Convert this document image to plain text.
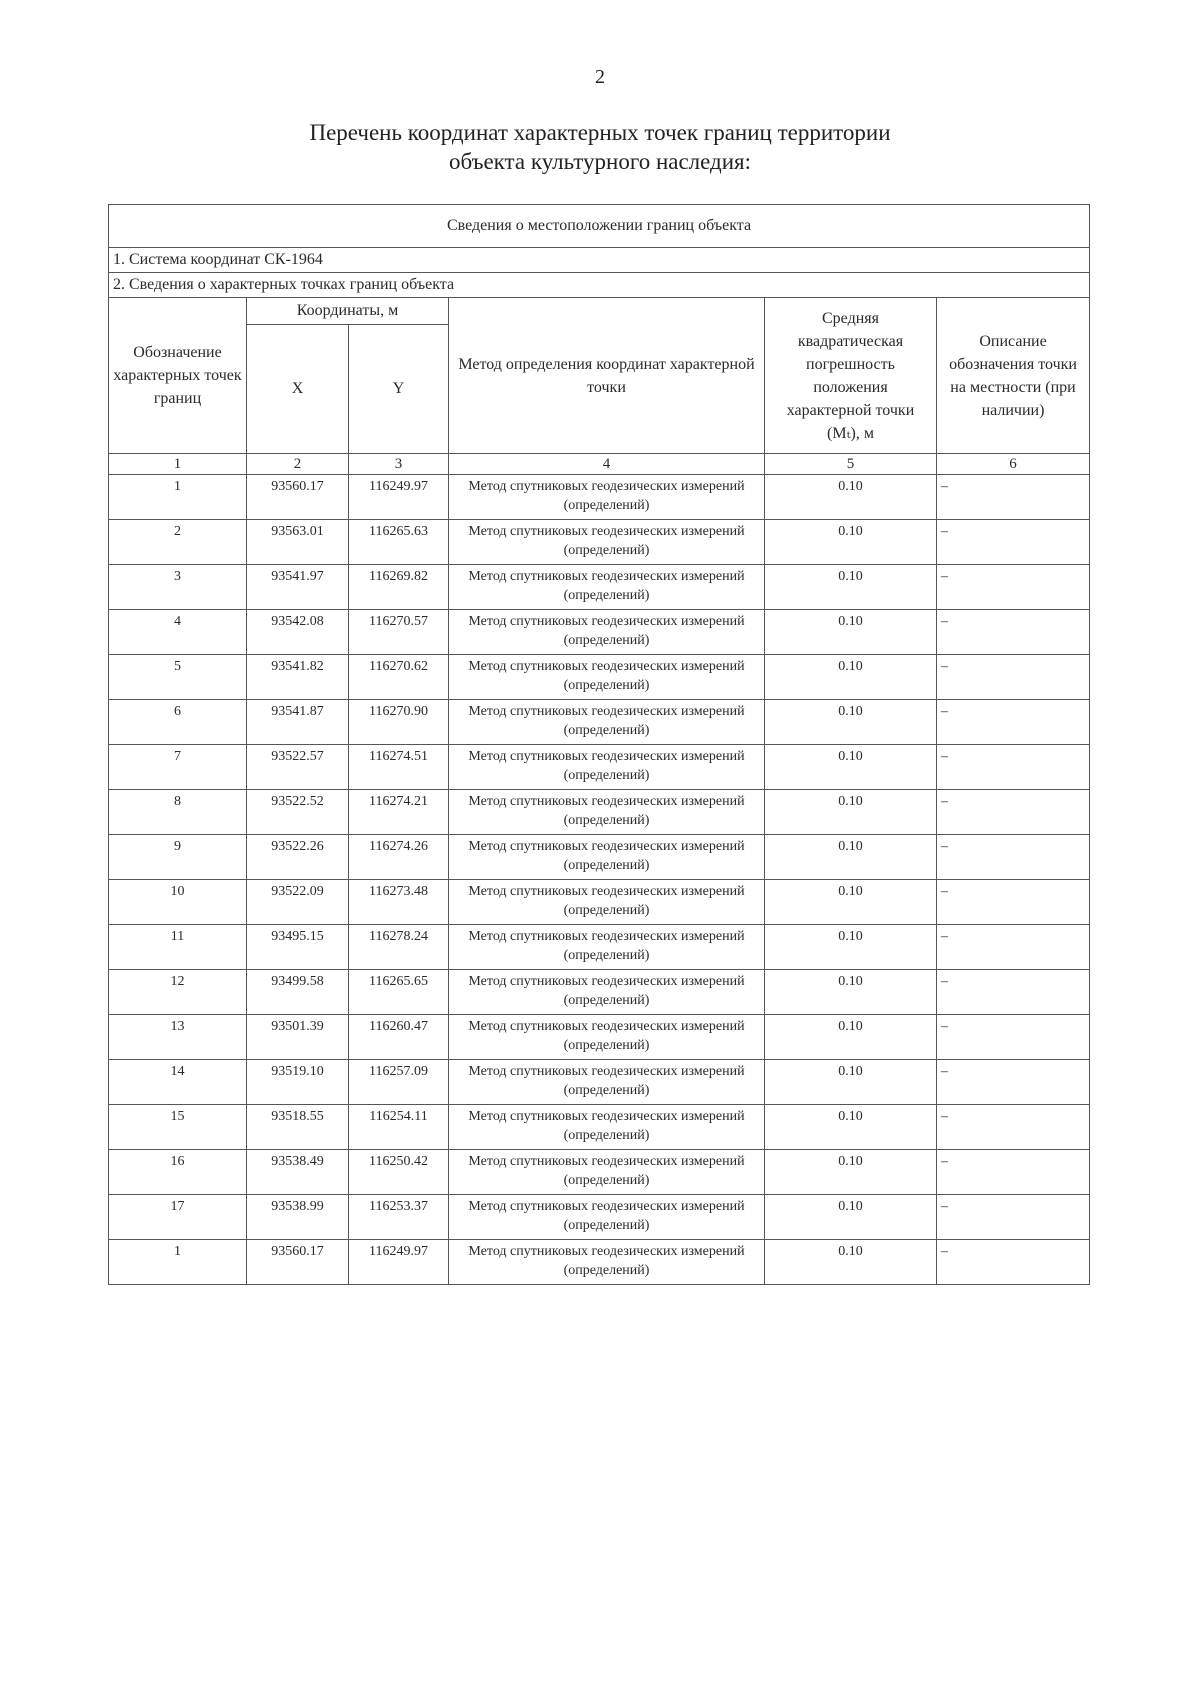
2
Перечень координат характерных точек границ территории
объекта культурного наследия:
Сведения о местоположении границ объекта					
1. Система координат СК-1964					
2. Сведения о характерных точках границ объекта					
Обозначение характерных точек границ	Координаты, м		Метод определения координат характерной точки	Средняя квадратическая погрешность положения характерной точки (Mₜ), м	Описание обозначения точки на местности (при наличии)
	X	Y			
1	2	3	4	5	6
1	93560.17	116249.97	Метод спутниковых геодезических измерений (определений)	0.10	–
2	93563.01	116265.63	Метод спутниковых геодезических измерений (определений)	0.10	–
3	93541.97	116269.82	Метод спутниковых геодезических измерений (определений)	0.10	–
4	93542.08	116270.57	Метод спутниковых геодезических измерений (определений)	0.10	–
5	93541.82	116270.62	Метод спутниковых геодезических измерений (определений)	0.10	–
6	93541.87	116270.90	Метод спутниковых геодезических измерений (определений)	0.10	–
7	93522.57	116274.51	Метод спутниковых геодезических измерений (определений)	0.10	–
8	93522.52	116274.21	Метод спутниковых геодезических измерений (определений)	0.10	–
9	93522.26	116274.26	Метод спутниковых геодезических измерений (определений)	0.10	–
10	93522.09	116273.48	Метод спутниковых геодезических измерений (определений)	0.10	–
11	93495.15	116278.24	Метод спутниковых геодезических измерений (определений)	0.10	–
12	93499.58	116265.65	Метод спутниковых геодезических измерений (определений)	0.10	–
13	93501.39	116260.47	Метод спутниковых геодезических измерений (определений)	0.10	–
14	93519.10	116257.09	Метод спутниковых геодезических измерений (определений)	0.10	–
15	93518.55	116254.11	Метод спутниковых геодезических измерений (определений)	0.10	–
16	93538.49	116250.42	Метод спутниковых геодезических измерений (определений)	0.10	–
17	93538.99	116253.37	Метод спутниковых геодезических измерений (определений)	0.10	–
1	93560.17	116249.97	Метод спутниковых геодезических измерений (определений)	0.10	–
